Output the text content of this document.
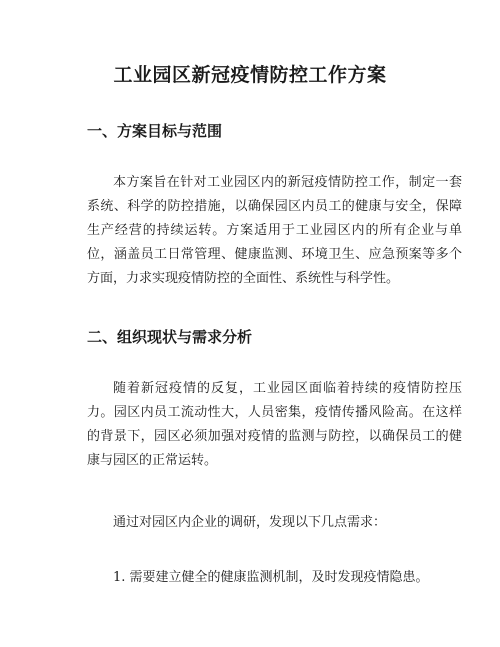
工业园区新冠疫情防控工作方案
一、方案目标与范围

本方案旨在针对工业园区内的新冠疫情防控工作，制定一套系统、科学的防控措施，以确保园区内员工的健康与安全，保障生产经营的持续运转。方案适用于工业园区内的所有企业与单位，涵盖员工日常管理、健康监测、环境卫生、应急预案等多个方面，力求实现疫情防控的全面性、系统性与科学性。

二、组织现状与需求分析

随着新冠疫情的反复，工业园区面临着持续的疫情防控压力。园区内员工流动性大，人员密集，疫情传播风险高。在这样的背景下，园区必须加强对疫情的监测与防控，以确保员工的健康与园区的正常运转。

通过对园区内企业的调研，发现以下几点需求：

1. 需要建立健全的健康监测机制，及时发现疫情隐患。
